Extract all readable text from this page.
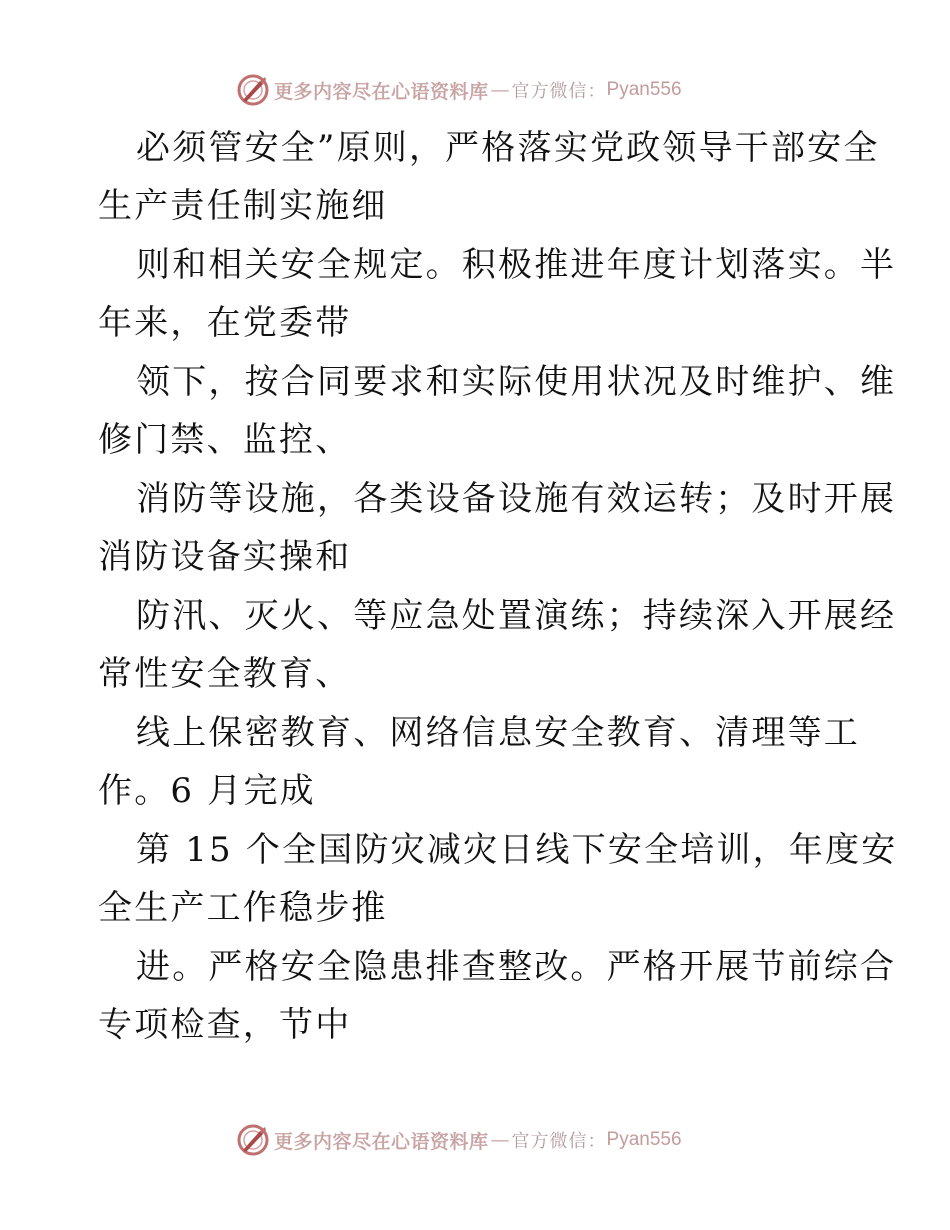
更多内容尽在心语资料库 — 官方微信： Pyan556
必须管安全”原则，严格落实党政领导干部安全
生产责任制实施细
则和相关安全规定。积极推进年度计划落实。半
年来，在党委带
领下，按合同要求和实际使用状况及时维护、维
修门禁、监控、
消防等设施，各类设备设施有效运转；及时开展
消防设备实操和
防汛、灭火、等应急处置演练；持续深入开展经
常性安全教育、
线上保密教育、网络信息安全教育、清理等工
作。6 月完成
第 15 个全国防灾减灾日线下安全培训，年度安
全生产工作稳步推
进。严格安全隐患排查整改。严格开展节前综合
专项检查，节中
更多内容尽在心语资料库 — 官方微信： Pyan556
